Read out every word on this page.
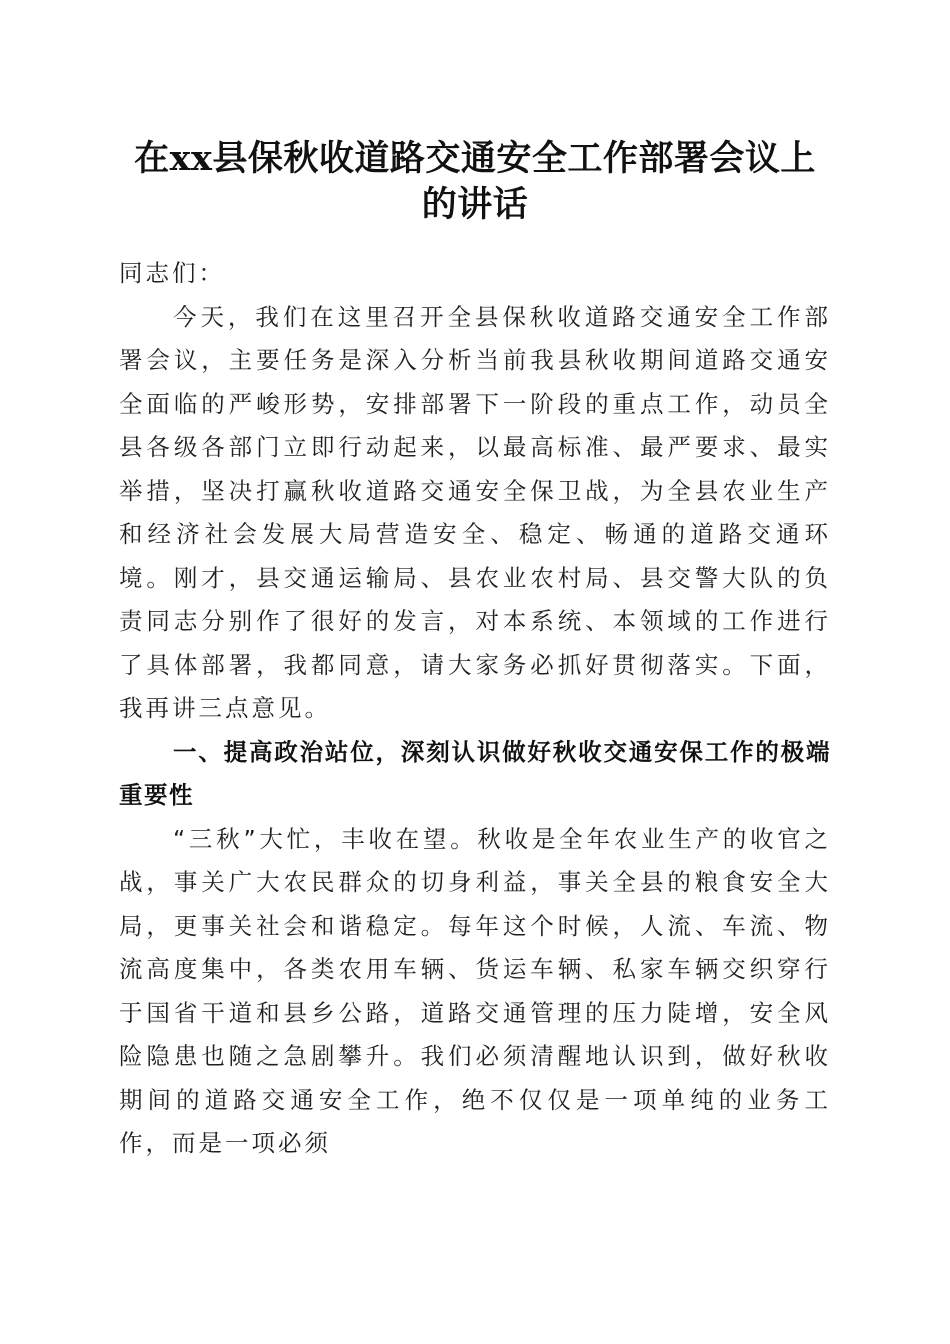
在xx县保秋收道路交通安全工作部署会议上
的讲话

同志们：

今天，我们在这里召开全县保秋收道路交通安全工作部署会议，主要任务是深入分析当前我县秋收期间道路交通安全面临的严峻形势，安排部署下一阶段的重点工作，动员全县各级各部门立即行动起来，以最高标准、最严要求、最实举措，坚决打赢秋收道路交通安全保卫战，为全县农业生产和经济社会发展大局营造安全、稳定、畅通的道路交通环境。刚才，县交通运输局、县农业农村局、县交警大队的负责同志分别作了很好的发言，对本系统、本领域的工作进行了具体部署，我都同意，请大家务必抓好贯彻落实。下面，我再讲三点意见。

一、提高政治站位，深刻认识做好秋收交通安保工作的极端重要性

“三秋”大忙，丰收在望。秋收是全年农业生产的收官之战，事关广大农民群众的切身利益，事关全县的粮食安全大局，更事关社会和谐稳定。每年这个时候，人流、车流、物流高度集中，各类农用车辆、货运车辆、私家车辆交织穿行于国省干道和县乡公路，道路交通管理的压力陡增，安全风险隐患也随之急剧攀升。我们必须清醒地认识到，做好秋收期间的道路交通安全工作，绝不仅仅是一项单纯的业务工作，而是一项必须
